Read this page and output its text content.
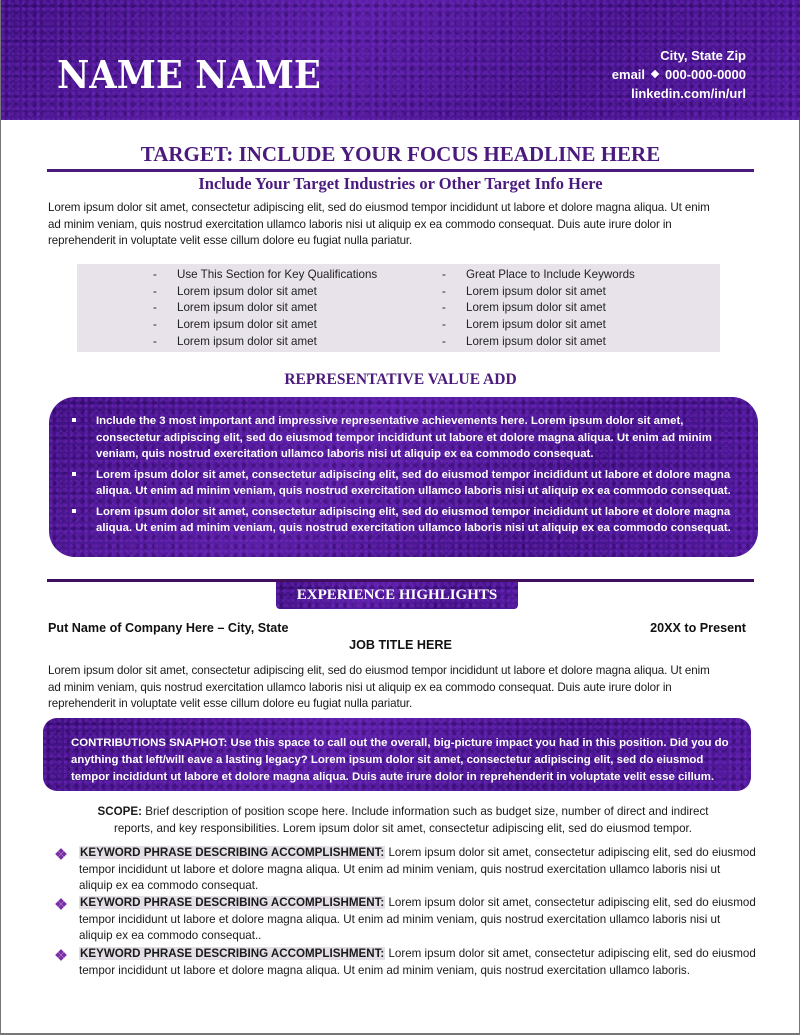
NAME NAME	City, State Zip
email 000-000-0000
linkedin.com/in/url
TARGET: INCLUDE YOUR FOCUS HEADLINE HERE
Include Your Target Industries or Other Target Info Here
Lorem ipsum dolor sit amet, consectetur adipiscing elit, sed do eiusmod tempor incididunt ut labore et dolore magna aliqua. Ut enim
ad minim veniam, quis nostrud exercitation ullamco laboris nisi ut aliquip ex ea commodo consequat. Duis aute irure dolor in
reprehenderit in voluptate velit esse cillum dolore eu fugiat nulla pariatur.
- Use This Section for Key Qualifications
- Lorem ipsum dolor sit amet
- Lorem ipsum dolor sit amet
- Lorem ipsum dolor sit amet
- Lorem ipsum dolor sit amet
- Great Place to Include Keywords
- Lorem ipsum dolor sit amet
- Lorem ipsum dolor sit amet
- Lorem ipsum dolor sit amet
- Lorem ipsum dolor sit amet
REPRESENTATIVE VALUE ADD
Include the 3 most important and impressive representative achievements here. Lorem ipsum dolor sit amet, consectetur adipiscing elit, sed do eiusmod tempor incididunt ut labore et dolore magna aliqua. Ut enim ad minim veniam, quis nostrud exercitation ullamco laboris nisi ut aliquip ex ea commodo consequat.
Lorem ipsum dolor sit amet, consectetur adipiscing elit, sed do eiusmod tempor incididunt ut labore et dolore magna aliqua. Ut enim ad minim veniam, quis nostrud exercitation ullamco laboris nisi ut aliquip ex ea commodo consequat.
Lorem ipsum dolor sit amet, consectetur adipiscing elit, sed do eiusmod tempor incididunt ut labore et dolore magna aliqua. Ut enim ad minim veniam, quis nostrud exercitation ullamco laboris nisi ut aliquip ex ea commodo consequat.
EXPERIENCE HIGHLIGHTS
Put Name of Company Here – City, State	20XX to Present
JOB TITLE HERE
Lorem ipsum dolor sit amet, consectetur adipiscing elit, sed do eiusmod tempor incididunt ut labore et dolore magna aliqua. Ut enim
ad minim veniam, quis nostrud exercitation ullamco laboris nisi ut aliquip ex ea commodo consequat. Duis aute irure dolor in
reprehenderit in voluptate velit esse cillum dolore eu fugiat nulla pariatur.
CONTRIBUTIONS SNAPHOT: Use this space to call out the overall, big-picture impact you had in this position. Did you do anything that left/will eave a lasting legacy? Lorem ipsum dolor sit amet, consectetur adipiscing elit, sed do eiusmod tempor incididunt ut labore et dolore magna aliqua. Duis aute irure dolor in reprehenderit in voluptate velit esse cillum.
SCOPE: Brief description of position scope here. Include information such as budget size, number of direct and indirect reports, and key responsibilities. Lorem ipsum dolor sit amet, consectetur adipiscing elit, sed do eiusmod tempor.
KEYWORD PHRASE DESCRIBING ACCOMPLISHMENT: Lorem ipsum dolor sit amet, consectetur adipiscing elit, sed do eiusmod tempor incididunt ut labore et dolore magna aliqua. Ut enim ad minim veniam, quis nostrud exercitation ullamco laboris nisi ut aliquip ex ea commodo consequat.
KEYWORD PHRASE DESCRIBING ACCOMPLISHMENT: Lorem ipsum dolor sit amet, consectetur adipiscing elit, sed do eiusmod tempor incididunt ut labore et dolore magna aliqua. Ut enim ad minim veniam, quis nostrud exercitation ullamco laboris nisi ut aliquip ex ea commodo consequat..
KEYWORD PHRASE DESCRIBING ACCOMPLISHMENT: Lorem ipsum dolor sit amet, consectetur adipiscing elit, sed do eiusmod tempor incididunt ut labore et dolore magna aliqua. Ut enim ad minim veniam, quis nostrud exercitation ullamco laboris.
